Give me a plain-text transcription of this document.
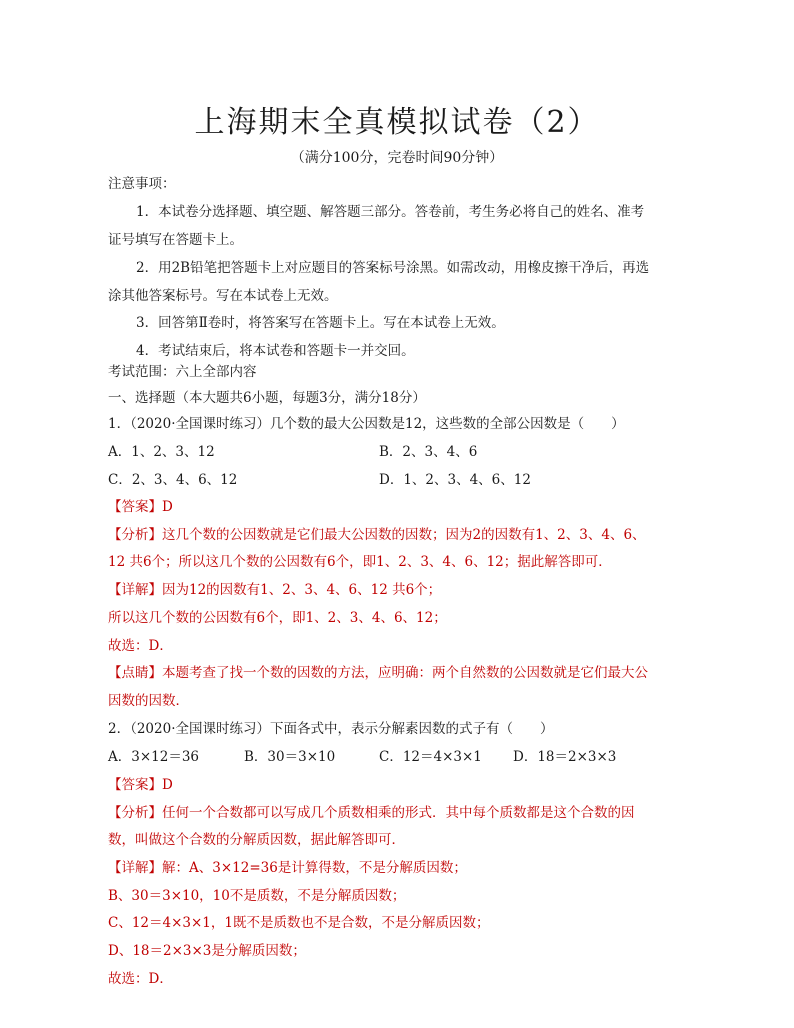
上海期末全真模拟试卷（2）
（满分100分，完卷时间90分钟）
注意事项：
1．本试卷分选择题、填空题、解答题三部分。答卷前，考生务必将自己的姓名、准考
证号填写在答题卡上。
2．用2B铅笔把答题卡上对应题目的答案标号涂黑。如需改动，用橡皮擦干净后，再选
涂其他答案标号。写在本试卷上无效。
3．回答第Ⅱ卷时，将答案写在答题卡上。写在本试卷上无效。
4．考试结束后，将本试卷和答题卡一并交回。
考试范围：六上全部内容
一、选择题（本大题共6小题，每题3分，满分18分）
1．（2020·全国课时练习）几个数的最大公因数是12，这些数的全部公因数是（　　）
A．1、2、3、12	B．2、3、4、6
C．2、3、4、6、12	D．1、2、3、4、6、12
【答案】D
【分析】这几个数的公因数就是它们最大公因数的因数；因为2的因数有1、2、3、4、6、
12 共6个；所以这几个数的公因数有6个，即1、2、3、4、6、12；据此解答即可．
【详解】因为12的因数有1、2、3、4、6、12 共6个；
所以这几个数的公因数有6个，即1、2、3、4、6、12；
故选：D．
【点睛】本题考查了找一个数的因数的方法，应明确：两个自然数的公因数就是它们最大公
因数的因数．
2．（2020·全国课时练习）下面各式中，表示分解素因数的式子有（　　）
A．3×12＝36	B．30＝3×10	C．12＝4×3×1 D．18＝2×3×3
【答案】D
【分析】任何一个合数都可以写成几个质数相乘的形式．其中每个质数都是这个合数的因
数，叫做这个合数的分解质因数，据此解答即可．
【详解】解：A、3×12=36是计算得数，不是分解质因数；
B、30＝3×10，10不是质数，不是分解质因数；
C、12＝4×3×1，1既不是质数也不是合数，不是分解质因数；
D、18＝2×3×3是分解质因数；
故选：D．
